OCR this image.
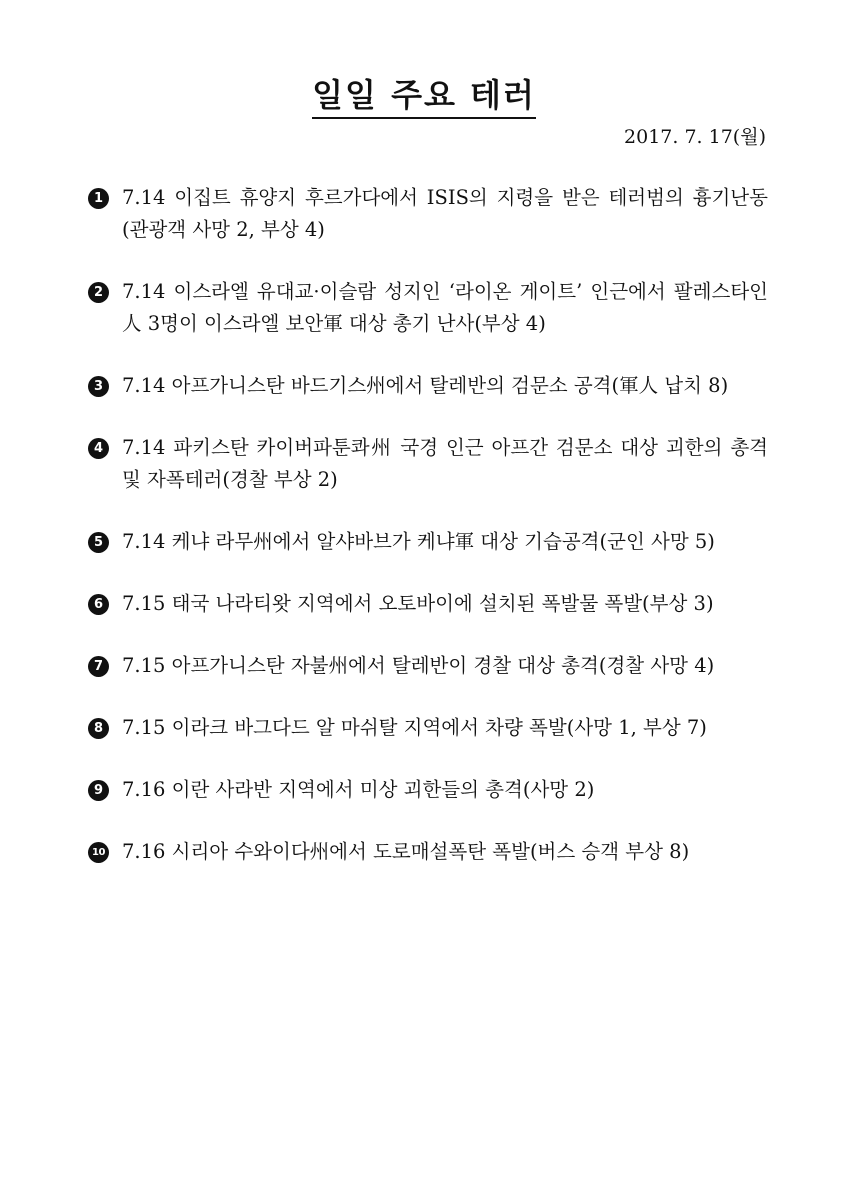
일일 주요 테러
2017. 7. 17(월)
1 7.14 이집트 휴양지 후르가다에서 ISIS의 지령을 받은 테러범의 흉기난동(관광객 사망 2, 부상 4)
2 7.14 이스라엘 유대교·이슬람 성지인 ‘라이온 게이트’ 인근에서 팔레스타인人 3명이 이스라엘 보안軍 대상 총기 난사(부상 4)
3 7.14 아프가니스탄 바드기스州에서 탈레반의 검문소 공격(軍人 납치 8)
4 7.14 파키스탄 카이버파툰콰州 국경 인근 아프간 검문소 대상 괴한의 총격 및 자폭테러(경찰 부상 2)
5 7.14 케냐 라무州에서 알샤바브가 케냐軍 대상 기습공격(군인 사망 5)
6 7.15 태국 나라티왓 지역에서 오토바이에 설치된 폭발물 폭발(부상 3)
7 7.15 아프가니스탄 자불州에서 탈레반이 경찰 대상 총격(경찰 사망 4)
8 7.15 이라크 바그다드 알 마쉬탈 지역에서 차량 폭발(사망 1, 부상 7)
9 7.16 이란 사라반 지역에서 미상 괴한들의 총격(사망 2)
10 7.16 시리아 수와이다州에서 도로매설폭탄 폭발(버스 승객 부상 8)
